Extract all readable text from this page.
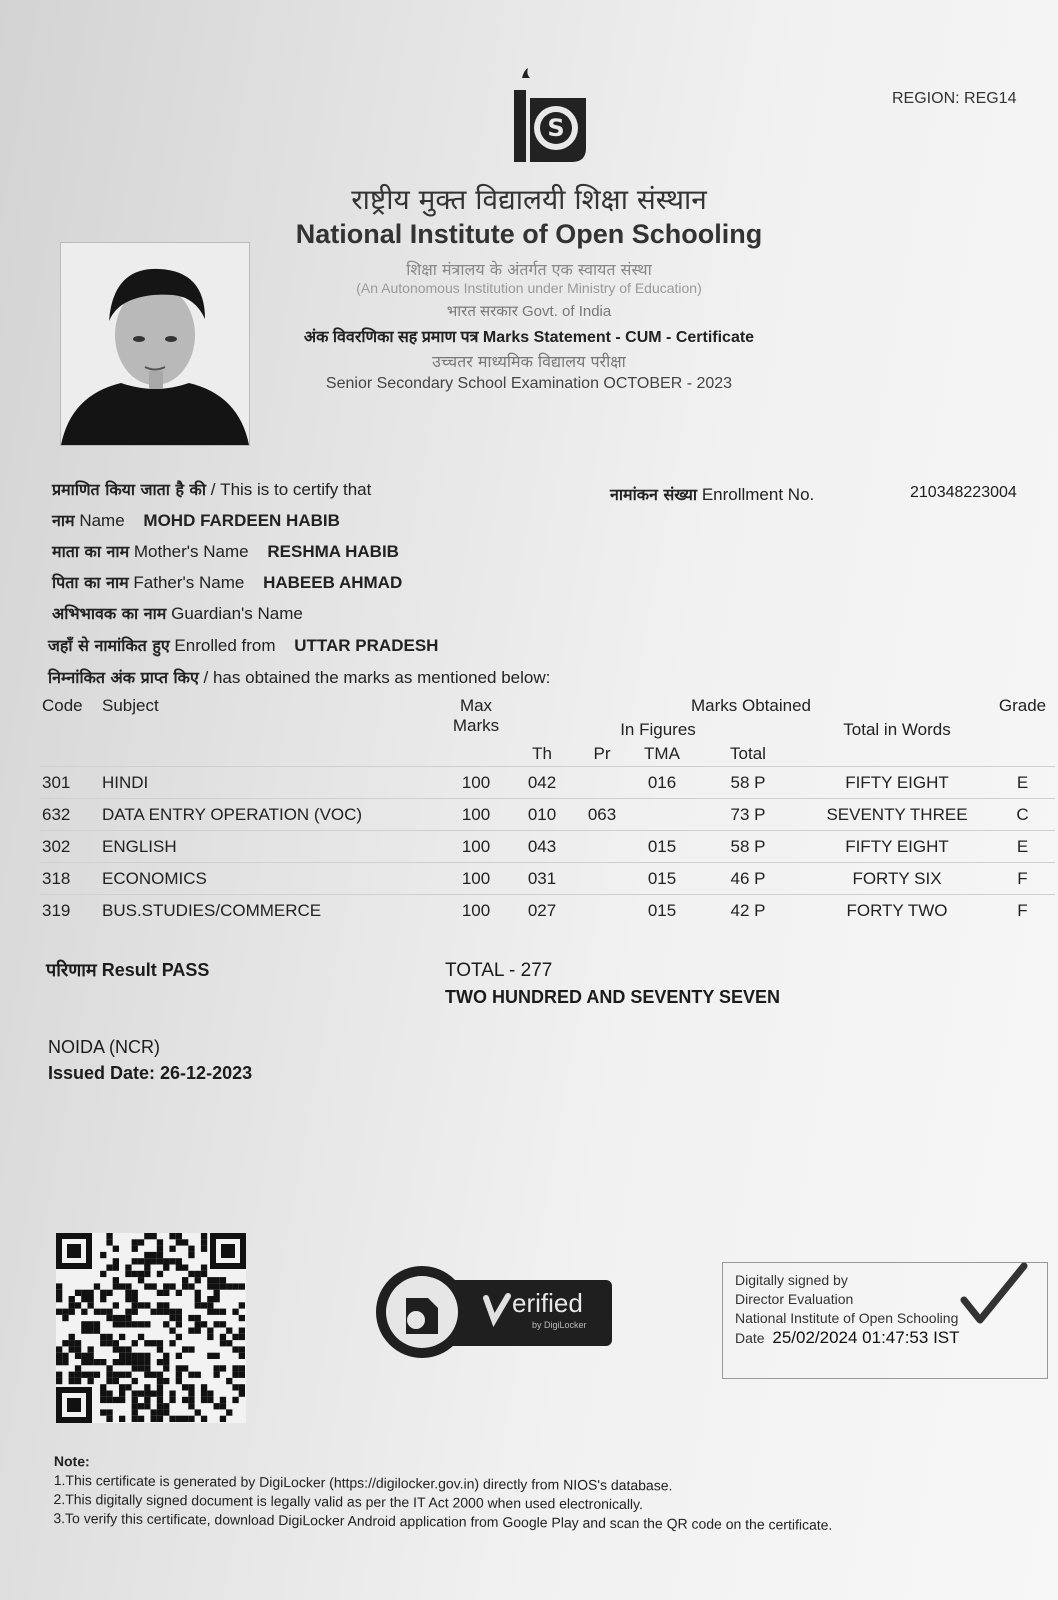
REGION: REG14
S
राष्ट्रीय मुक्त विद्यालयी शिक्षा संस्थान
National Institute of Open Schooling
शिक्षा मंत्रालय के अंतर्गत एक स्वायत संस्था
(An Autonomous Institution under Ministry of Education)
भारत सरकार Govt. of India
अंक विवरणिका सह प्रमाण पत्र Marks Statement - CUM - Certificate
उच्चतर माध्यमिक विद्यालय परीक्षा
Senior Secondary School Examination OCTOBER - 2023
प्रमाणित किया जाता है की / This is to certify that	नामांकन संख्या Enrollment No.	210348223004
नाम Name MOHD FARDEEN HABIB
माता का नाम Mother's Name RESHMA HABIB
पिता का नाम Father's Name HABEEB AHMAD
अभिभावक का नाम Guardian's Name
जहाँ से नामांकित हुए Enrolled from UTTAR PRADESH
निम्नांकित अंक प्राप्त किए / has obtained the marks as mentioned below:
Code	Subject	Max Marks	Marks Obtained					Grade
			In Figures				Total in Words	
			Th	Pr	TMA	Total		
301	HINDI	100	042		016	58 P	FIFTY EIGHT	E
632	DATA ENTRY OPERATION (VOC)	100	010	063		73 P	SEVENTY THREE	C
302	ENGLISH	100	043		015	58 P	FIFTY EIGHT	E
318	ECONOMICS	100	031		015	46 P	FORTY SIX	F
319	BUS.STUDIES/COMMERCE	100	027		015	42 P	FORTY TWO	F
परिणाम Result PASS	TOTAL - 277
TWO HUNDRED AND SEVENTY SEVEN
NOIDA (NCR)
Issued Date: 26-12-2023
erified
by DigiLocker
Digitally signed by
Director Evaluation
National Institute of Open Schooling
Date 25/02/2024 01:47:53 IST
Note:
1.This certificate is generated by DigiLocker (https://digilocker.gov.in) directly from NIOS's database.
2.This digitally signed document is legally valid as per the IT Act 2000 when used electronically.
3.To verify this certificate, download DigiLocker Android application from Google Play and scan the QR code on the certificate.
